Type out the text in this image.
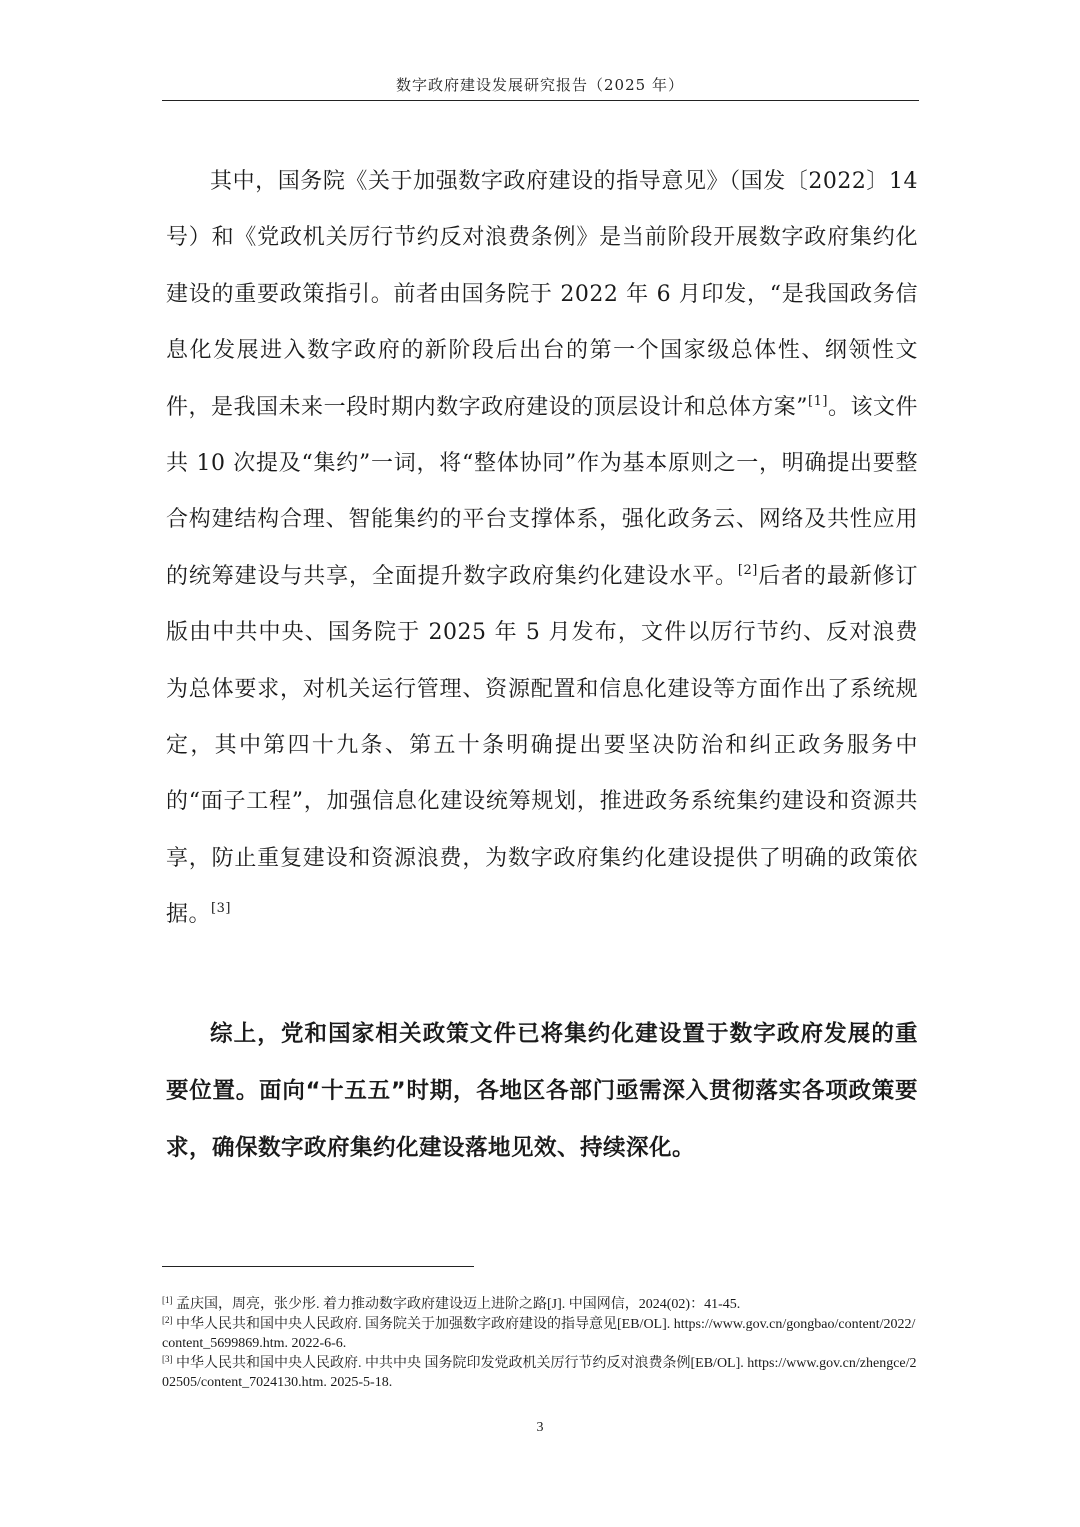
数字政府建设发展研究报告（2025 年）

其中，国务院《关于加强数字政府建设的指导意见》（国发〔2022〕14 号）和《党政机关厉行节约反对浪费条例》是当前阶段开展数字政府集约化建设的重要政策指引。前者由国务院于 2022 年 6 月印发，“是我国政务信息化发展进入数字政府的新阶段后出台的第一个国家级总体性、纲领性文件，是我国未来一段时期内数字政府建设的顶层设计和总体方案”[1]。该文件共 10 次提及“集约”一词，将“整体协同”作为基本原则之一，明确提出要整合构建结构合理、智能集约的平台支撑体系，强化政务云、网络及共性应用的统筹建设与共享，全面提升数字政府集约化建设水平。[2]后者的最新修订版由中共中央、国务院于 2025 年 5 月发布，文件以厉行节约、反对浪费为总体要求，对机关运行管理、资源配置和信息化建设等方面作出了系统规定，其中第四十九条、第五十条明确提出要坚决防治和纠正政务服务中的“面子工程”，加强信息化建设统筹规划，推进政务系统集约建设和资源共享，防止重复建设和资源浪费，为数字政府集约化建设提供了明确的政策依据。[3]

综上，党和国家相关政策文件已将集约化建设置于数字政府发展的重要位置。面向“十五五”时期，各地区各部门亟需深入贯彻落实各项政策要求，确保数字政府集约化建设落地见效、持续深化。

[1] 孟庆国，周亮，张少彤. 着力推动数字政府建设迈上进阶之路[J]. 中国网信，2024(02)：41-45.

[2] 中华人民共和国中央人民政府. 国务院关于加强数字政府建设的指导意见[EB/OL]. https://www.gov.cn/gongbao/content/2022/content_5699869.htm. 2022-6-6.

[3] 中华人民共和国中央人民政府. 中共中央 国务院印发党政机关厉行节约反对浪费条例[EB/OL]. https://www.gov.cn/zhengce/202505/content_7024130.htm. 2025-5-18.

3
